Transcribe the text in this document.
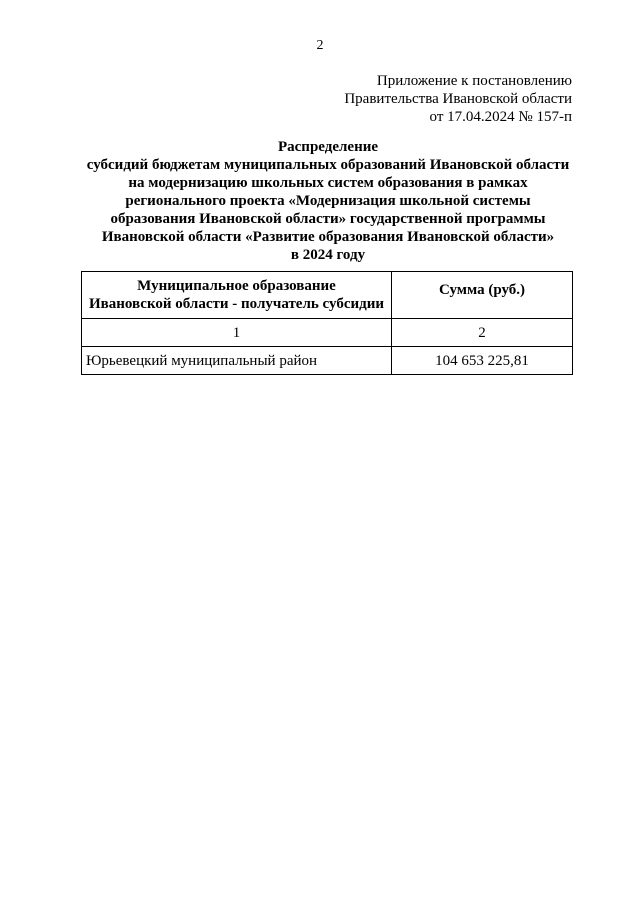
2
Приложение к постановлению
Правительства Ивановской области
от 17.04.2024 № 157-п
Распределение
субсидий бюджетам муниципальных образований Ивановской области
на модернизацию школьных систем образования в рамках
регионального проекта «Модернизация школьной системы
образования Ивановской области» государственной программы
Ивановской области «Развитие образования Ивановской области»
в 2024 году
Муниципальное образование
Ивановской области - получатель субсидии	Сумма (руб.)
1	2
Юрьевецкий муниципальный район	104 653 225,81
